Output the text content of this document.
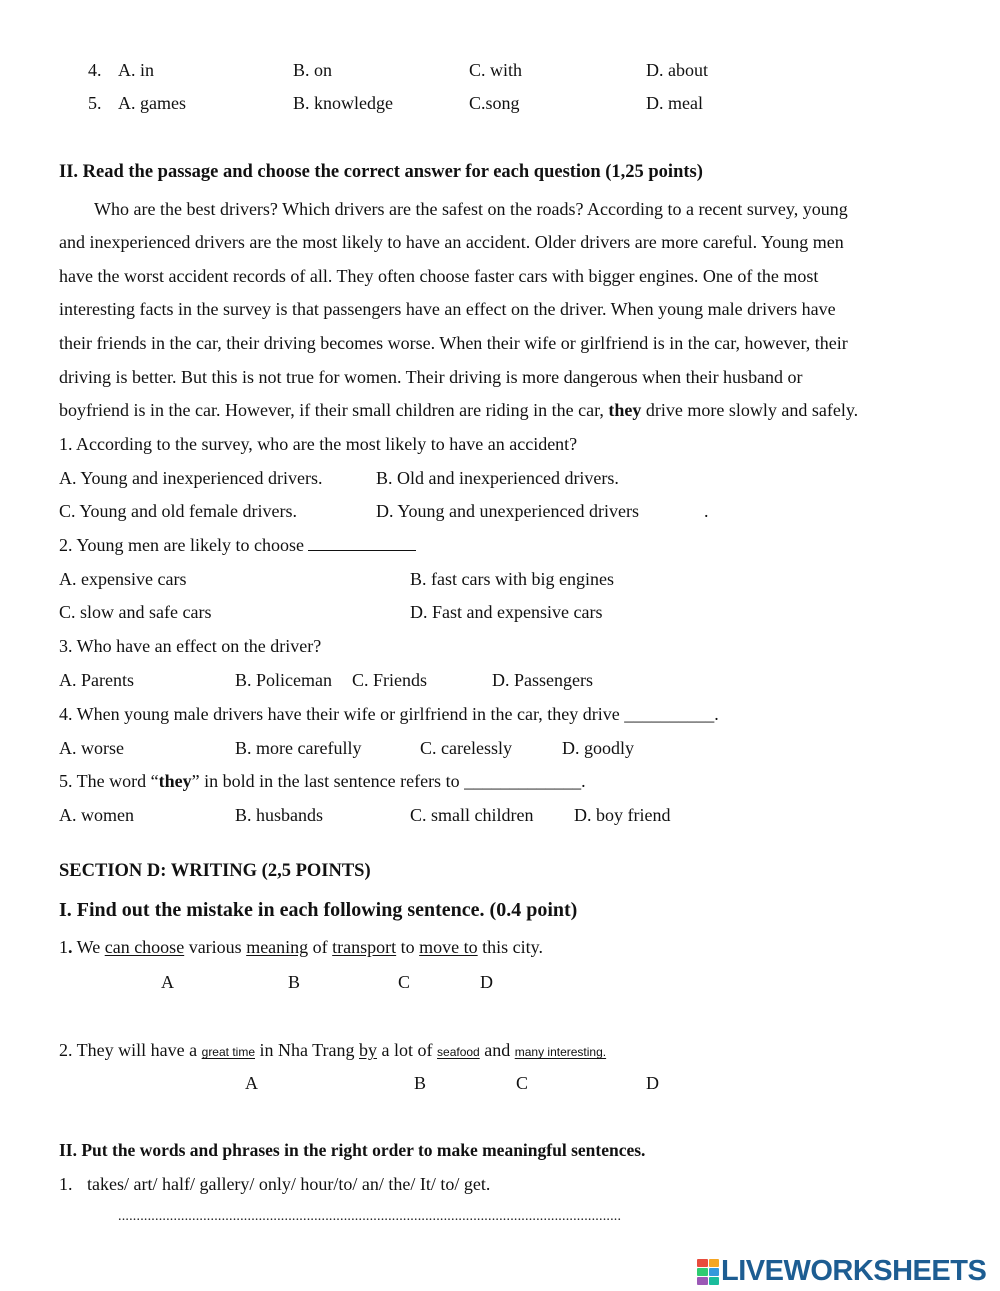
4. A. in	B. on	C. with	D. about
5. A. games	B. knowledge	C.song	D. meal
II. Read the passage and choose the correct answer for each question (1,25 points)
Who are the best drivers? Which drivers are the safest on the roads? According to a recent survey, young
and inexperienced drivers are the most likely to have an accident. Older drivers are more careful. Young men
have the worst accident records of all. They often choose faster cars with bigger engines. One of the most
interesting facts in the survey is that passengers have an effect on the driver. When young male drivers have
their friends in the car, their driving becomes worse. When their wife or girlfriend is in the car, however, their
driving is better. But this is not true for women. Their driving is more dangerous when their husband or
boyfriend is in the car. However, if their small children are riding in the car, they drive more slowly and safely.
1. According to the survey, who are the most likely to have an accident?
A. Young and inexperienced drivers.	B. Old and inexperienced drivers.
C. Young and old female drivers.	D. Young and unexperienced drivers	.
2. Young men are likely to choose
A. expensive cars	B. fast cars with big engines
C. slow and safe cars	D. Fast and expensive cars
3. Who have an effect on the driver?
A. Parents	B. Policeman C. Friends	D. Passengers
4. When young male drivers have their wife or girlfriend in the car, they drive __________.
A. worse	B. more carefully	C. carelessly	D. goodly
5. The word “they” in bold in the last sentence refers to _____________.
A. women	B. husbands	C. small children D. boy friend
SECTION D: WRITING (2,5 POINTS)
I. Find out the mistake in each following sentence. (0.4 point)
1. We can choose various meaning of transport to move to this city.
A	B	C	D
2. They will have a great time in Nha Trang by a lot of seafood and many interesting.
A	B	C	D
II. Put the words and phrases in the right order to make meaningful sentences.
1. takes/ art/ half/ gallery/ only/ hour/to/ an/ the/ It/ to/ get.
........................................................................................................................................
LIVEWORKSHEETS
